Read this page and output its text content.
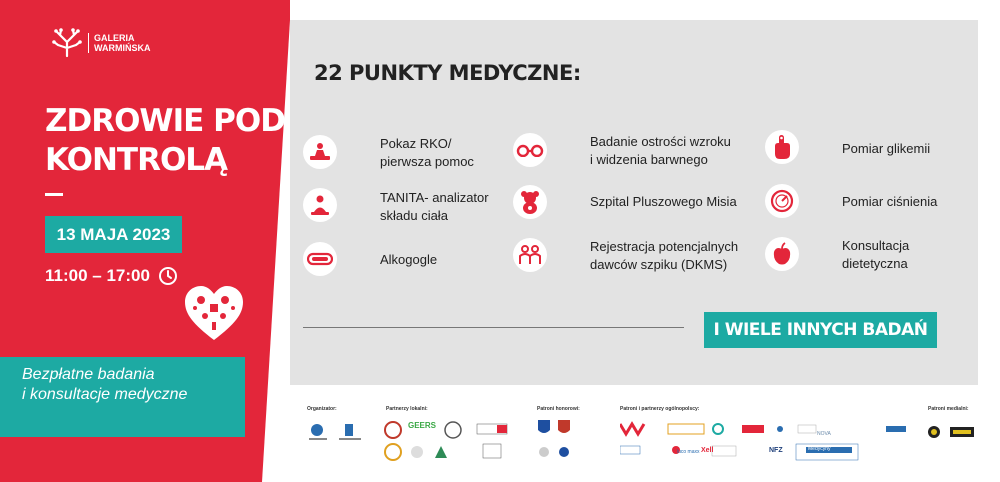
GALERIA
WARMIŃSKA
ZDROWIE POD
KONTROLĄ
13 MAJA 2023
11:00 – 17:00
Bezpłatne badania
i konsultacje medyczne
22 PUNKTY MEDYCZNE:
Pokaz RKO/
pierwsza pomoc
TANITA- analizator
składu ciała
Alkogogle
Badanie ostrości wzroku
i widzenia barwnego
Szpital Pluszowego Misia
Rejestracja potencjalnych
dawców szpiku (DKMS)
Pomiar glikemii
Pomiar ciśnienia
Konsultacja
dietetyczna
I WIELE INNYCH BADAŃ
Organizator:	Partnerzy lokalni:	Patroni honorowi:	Patroni i partnerzy ogólnopolscy:	Patroni medialni:
GEERS
NOVA
NFZ
luco maxx Xell	Medycyny
